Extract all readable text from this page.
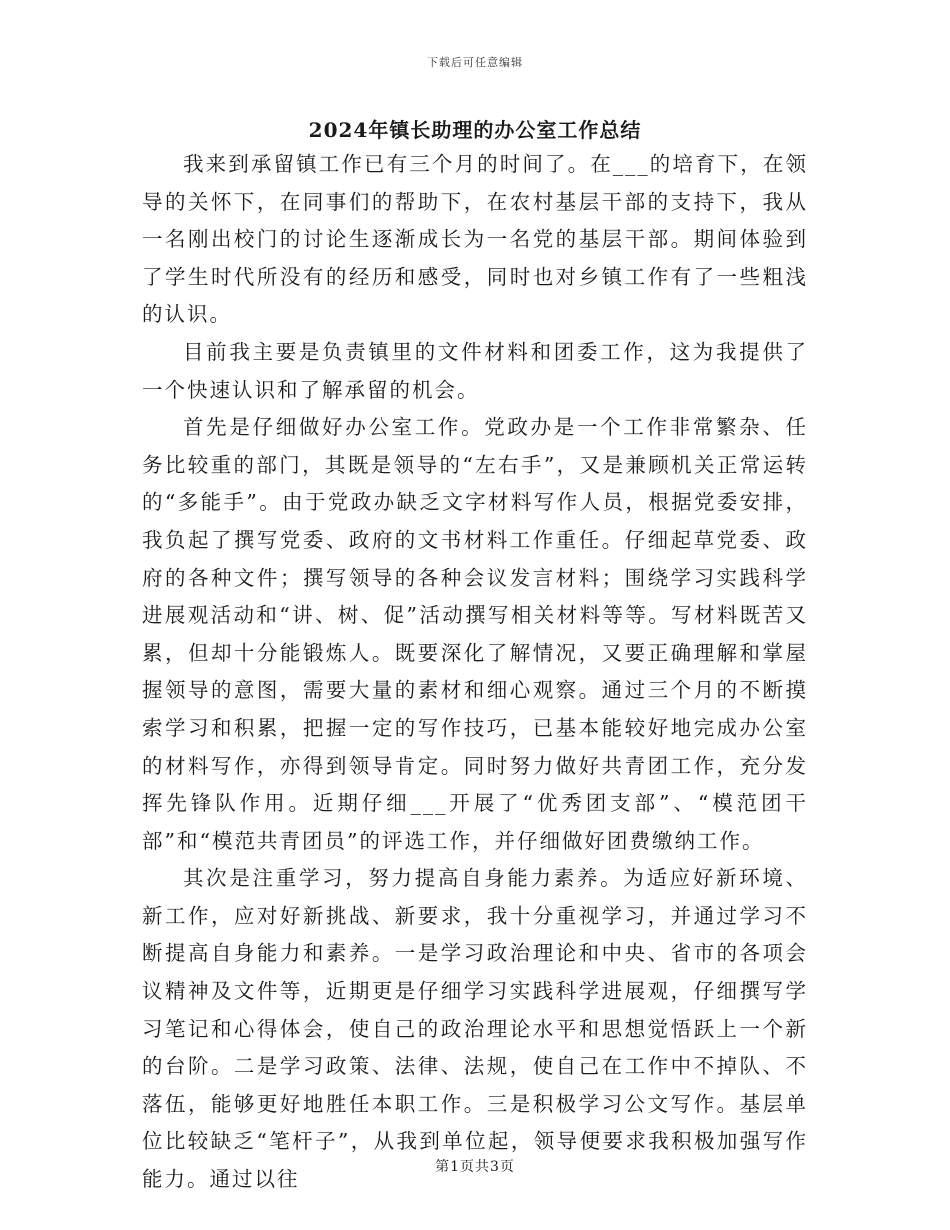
下载后可任意编辑
2024年镇长助理的办公室工作总结

我来到承留镇工作已有三个月的时间了。在___的培育下，在领导的关怀下，在同事们的帮助下，在农村基层干部的支持下，我从一名刚出校门的讨论生逐渐成长为一名党的基层干部。期间体验到了学生时代所没有的经历和感受，同时也对乡镇工作有了一些粗浅的认识。

目前我主要是负责镇里的文件材料和团委工作，这为我提供了一个快速认识和了解承留的机会。

首先是仔细做好办公室工作。党政办是一个工作非常繁杂、任务比较重的部门，其既是领导的“左右手”，又是兼顾机关正常运转的“多能手”。由于党政办缺乏文字材料写作人员，根据党委安排，我负起了撰写党委、政府的文书材料工作重任。仔细起草党委、政府的各种文件；撰写领导的各种会议发言材料；围绕学习实践科学进展观活动和“讲、树、促”活动撰写相关材料等等。写材料既苦又累，但却十分能锻炼人。既要深化了解情况，又要正确理解和掌屋握领导的意图，需要大量的素材和细心观察。通过三个月的不断摸索学习和积累，把握一定的写作技巧，已基本能较好地完成办公室的材料写作，亦得到领导肯定。同时努力做好共青团工作，充分发挥先锋队作用。近期仔细___开展了“优秀团支部”、“模范团干部”和“模范共青团员”的评选工作，并仔细做好团费缴纳工作。

其次是注重学习，努力提高自身能力素养。为适应好新环境、新工作，应对好新挑战、新要求，我十分重视学习，并通过学习不断提高自身能力和素养。一是学习政治理论和中央、省市的各项会议精神及文件等，近期更是仔细学习实践科学进展观，仔细撰写学习笔记和心得体会，使自己的政治理论水平和思想觉悟跃上一个新的台阶。二是学习政策、法律、法规，使自己在工作中不掉队、不落伍，能够更好地胜任本职工作。三是积极学习公文写作。基层单位比较缺乏“笔杆子”，从我到单位起，领导便要求我积极加强写作能力。通过以往

第1页共3页
